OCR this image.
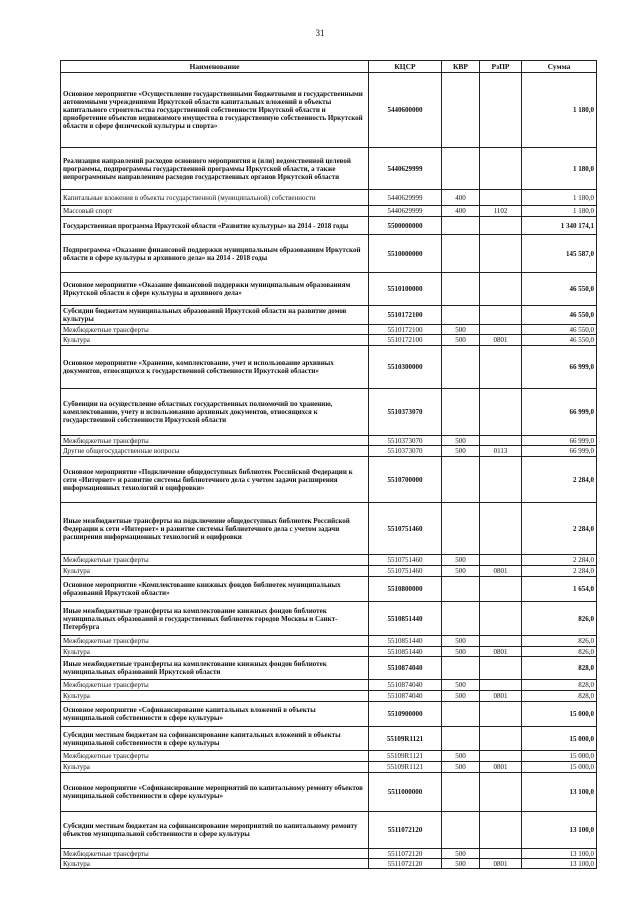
31
Наименование	КЦСР	КВР	РзПР	Сумма
Основное мероприятие «Осуществление государственными бюджетными и государственными автономными учреждениями Иркутской области капитальных вложений в объекты капитального строительства государственной собственности Иркутской области и приобретение объектов недвижимого имущества в государственную собственность Иркутской области в сфере физической культуры и спорта»	5440600000			1 180,0
Реализация направлений расходов основного мероприятия и (или) ведомственной целевой программы, подпрограммы государственной программы Иркутской области, а также непрограммным направлениям расходов государственных органов Иркутской области	5440629999			1 180,0
Капитальные вложения в объекты государственной (муниципальной) собственности	5440629999	400		1 180,0
Массовый спорт	5440629999	400	1102	1 180,0
Государственная программа Иркутской области «Развитие культуры» на 2014 - 2018 годы	5500000000			1 340 174,1
Подпрограмма «Оказание финансовой поддержки муниципальным образованиям Иркутской области в сфере культуры и архивного дела» на 2014 - 2018 годы	5510000000			145 587,0
Основное мероприятие «Оказание финансовой поддержки муниципальным образованиям Иркутской области в сфере культуры и архивного дела»	5510100000			46 550,0
Субсидии бюджетам муниципальных образований Иркутской области на развитие домов культуры	5510172100			46 550,0
Межбюджетные трансферты	5510172100	500		46 550,0
Культура	5510172100	500	0801	46 550,0
Основное мероприятие «Хранение, комплектование, учет и использование архивных документов, относящихся к государственной собственности Иркутской области»	5510300000			66 999,0
Субвенции на осуществление областных государственных полномочий по хранению, комплектованию, учету и использованию архивных документов, относящихся к государственной собственности Иркутской области	5510373070			66 999,0
Межбюджетные трансферты	5510373070	500		66 999,0
Другие общегосударственные вопросы	5510373070	500	0113	66 999,0
Основное мероприятие «Подключение общедоступных библиотек Российской Федерации к сети «Интернет» и развитие системы библиотечного дела с учетом задачи расширения информационных технологий и оцифровки»	5510700000			2 284,0
Иные межбюджетные трансферты на подключение общедоступных библиотек Российской Федерации к сети «Интернет» и развитие системы библиотечного дела с учетом задачи расширения информационных технологий и оцифровки	5510751460			2 284,0
Межбюджетные трансферты	5510751460	500		2 284,0
Культура	5510751460	500	0801	2 284,0
Основное мероприятие «Комплектование книжных фондов библиотек муниципальных образований Иркутской области»	5510800000			1 654,0
Иные межбюджетные трансферты на комплектование книжных фондов библиотек муниципальных образований и государственных библиотек городов Москвы и Санкт-Петербурга	5510851440			826,0
Межбюджетные трансферты	5510851440	500		826,0
Культура	5510851440	500	0801	826,0
Иные межбюджетные трансферты на комплектование книжных фондов библиотек муниципальных образований Иркутской области	5510874040			828,0
Межбюджетные трансферты	5510874040	500		828,0
Культура	5510874040	500	0801	828,0
Основное мероприятие «Софинансирование капитальных вложений в объекты муниципальной собственности в сфере культуры»	5510900000			15 000,0
Субсидии местным бюджетам на софинансирование капитальных вложений в объекты муниципальной собственности в сфере культуры	55109R1121			15 000,0
Межбюджетные трансферты	55109R1121	500		15 000,0
Культура	55109R1121	500	0801	15 000,0
Основное мероприятие «Софинансирование мероприятий по капитальному ремонту объектов муниципальной собственности в сфере культуры»	5511000000			13 100,0
Субсидии местным бюджетам на софинансирование мероприятий по капитальному ремонту объектов муниципальной собственности в сфере культуры	5511072120			13 100,0
Межбюджетные трансферты	5511072120	500		13 100,0
Культура	5511072120	500	0801	13 100,0
